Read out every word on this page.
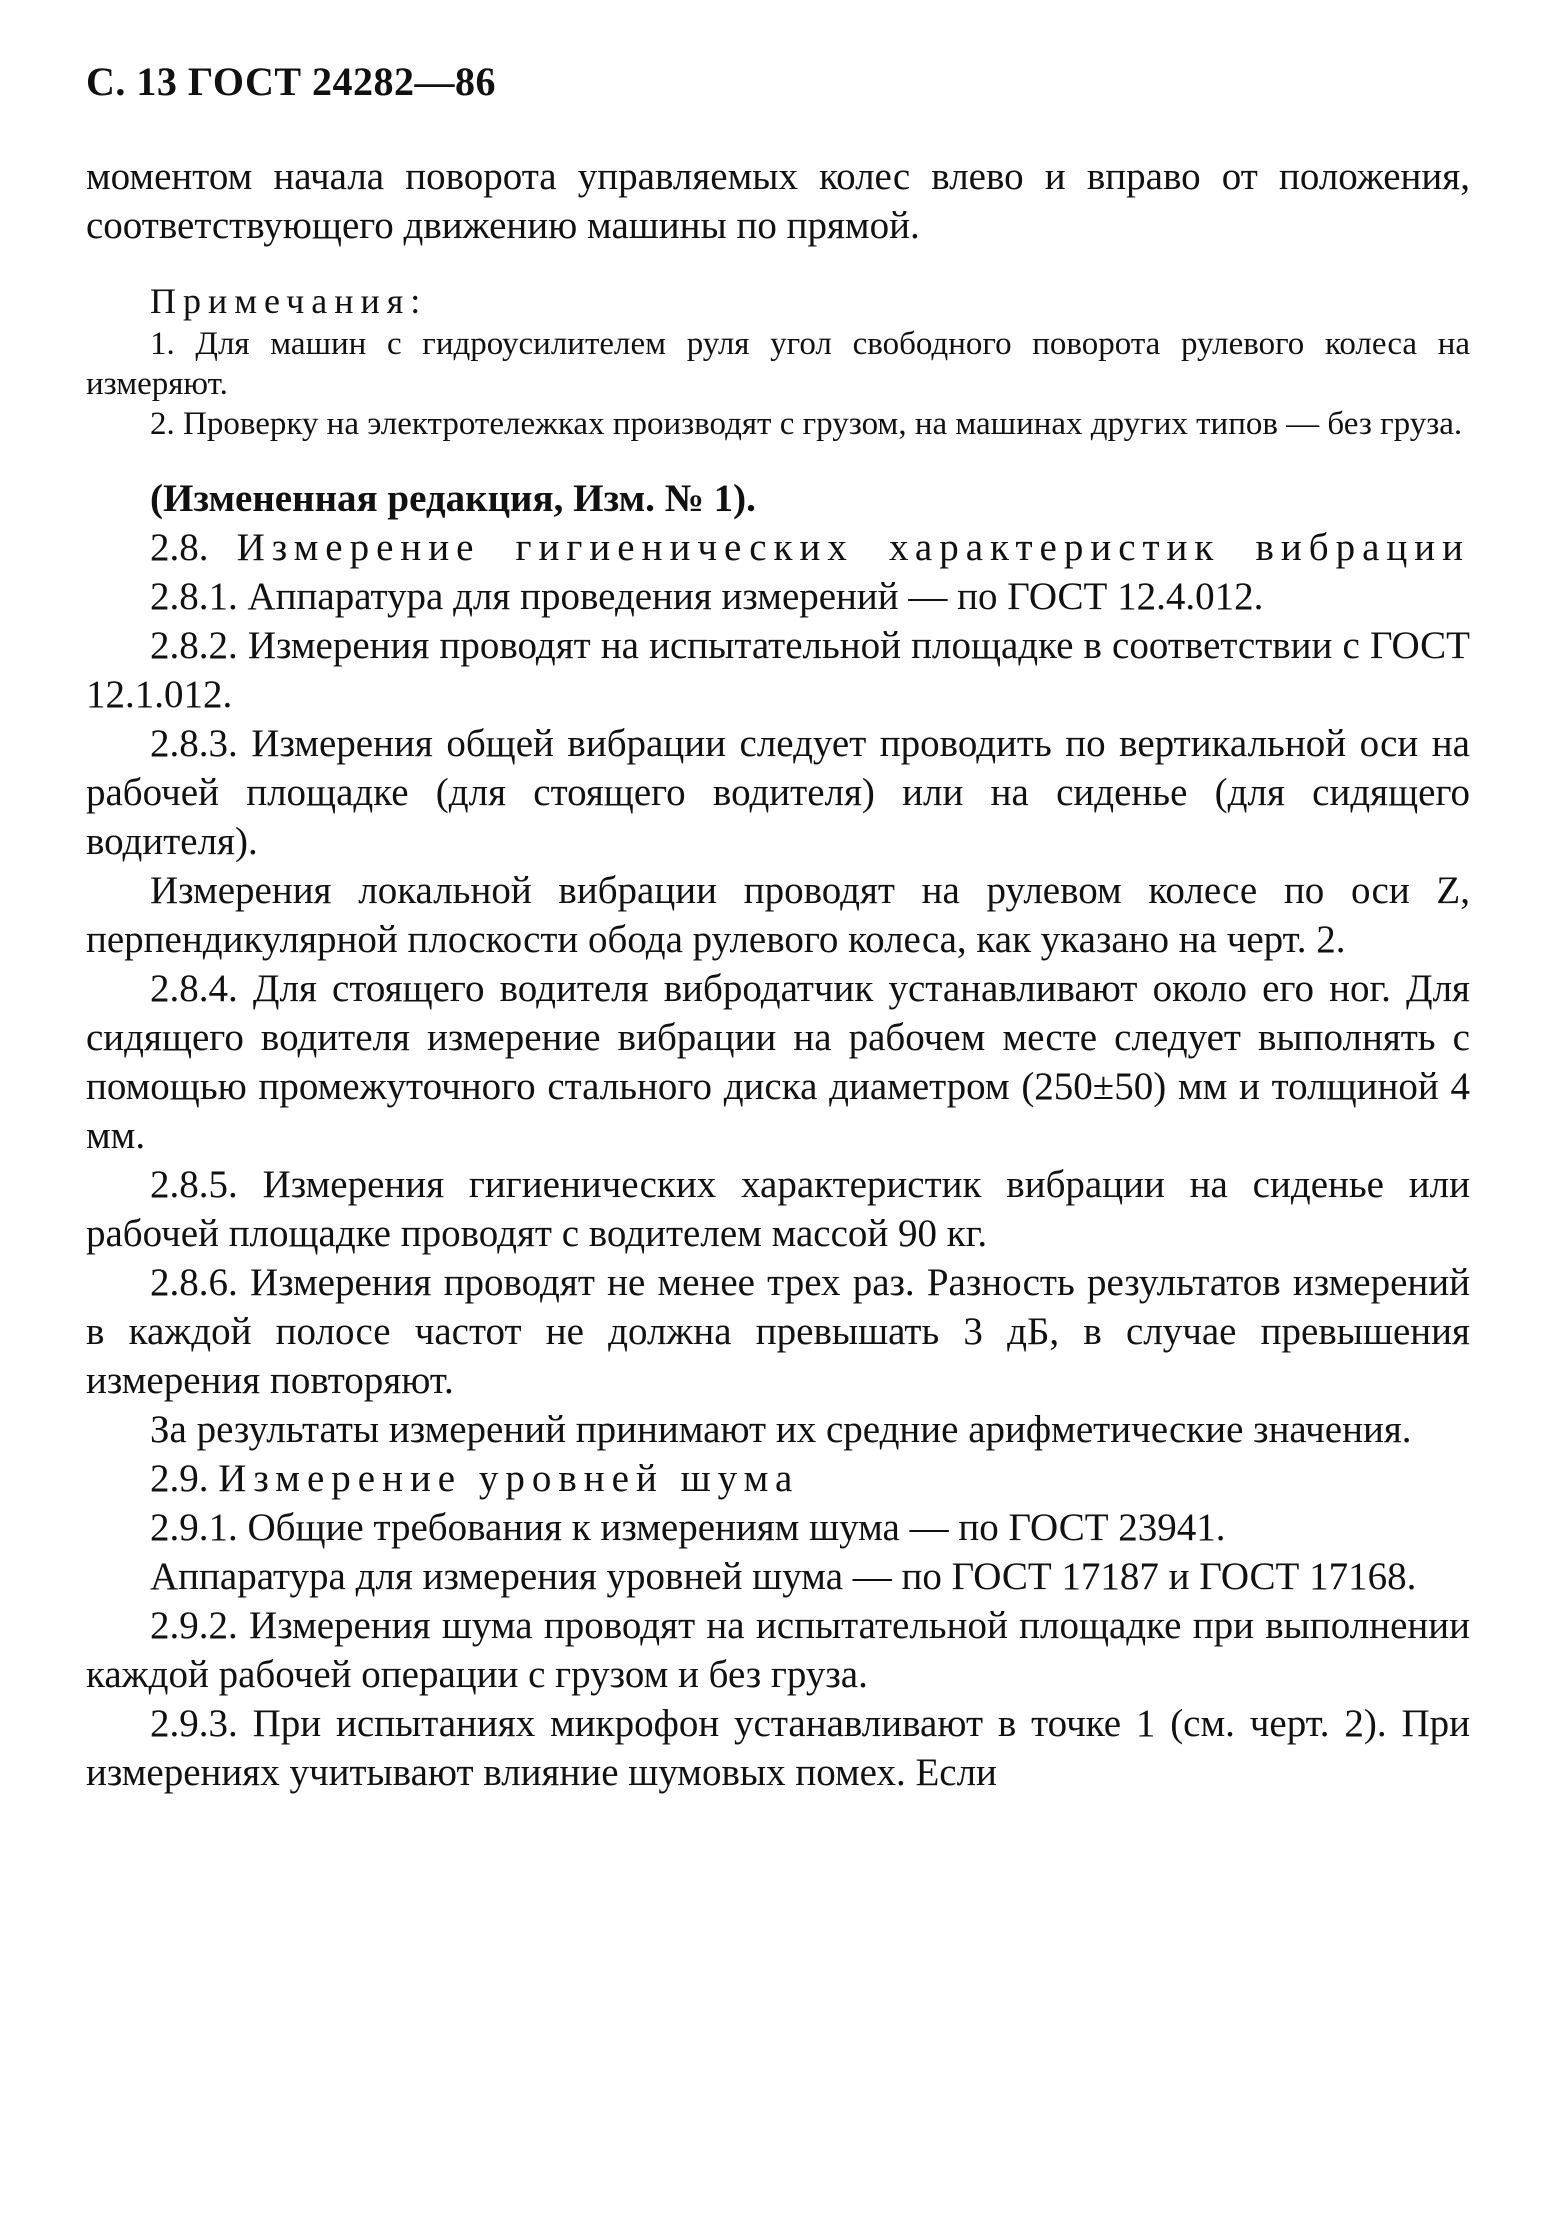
С. 13 ГОСТ 24282—86

моментом начала поворота управляемых колес влево и вправо от положения, соответствующего движению машины по прямой.

Примечания:

1. Для машин с гидроусилителем руля угол свободного поворота рулевого колеса на измеряют.

2. Проверку на электротележках производят с грузом, на машинах других типов — без груза.

(Измененная редакция, Изм. № 1).

2.8. Измерение гигиенических характеристик вибрации

2.8.1. Аппаратура для проведения измерений — по ГОСТ 12.4.012.

2.8.2. Измерения проводят на испытательной площадке в соответствии с ГОСТ 12.1.012.

2.8.3. Измерения общей вибрации следует проводить по вертикальной оси на рабочей площадке (для стоящего водителя) или на сиденье (для сидящего водителя).

Измерения локальной вибрации проводят на рулевом колесе по оси Z, перпендикулярной плоскости обода рулевого колеса, как указано на черт. 2.

2.8.4. Для стоящего водителя вибродатчик устанавливают около его ног. Для сидящего водителя измерение вибрации на рабочем месте следует выполнять с помощью промежуточного стального диска диаметром (250±50) мм и толщиной 4 мм.

2.8.5. Измерения гигиенических характеристик вибрации на сиденье или рабочей площадке проводят с водителем массой 90 кг.

2.8.6. Измерения проводят не менее трех раз. Разность результатов измерений в каждой полосе частот не должна превышать 3 дБ, в случае превышения измерения повторяют.

За результаты измерений принимают их средние арифметические значения.

2.9. Измерение уровней шума

2.9.1. Общие требования к измерениям шума — по ГОСТ 23941.

Аппаратура для измерения уровней шума — по ГОСТ 17187 и ГОСТ 17168.

2.9.2. Измерения шума проводят на испытательной площадке при выполнении каждой рабочей операции с грузом и без груза.

2.9.3. При испытаниях микрофон устанавливают в точке 1 (см. черт. 2). При измерениях учитывают влияние шумовых помех. Если
